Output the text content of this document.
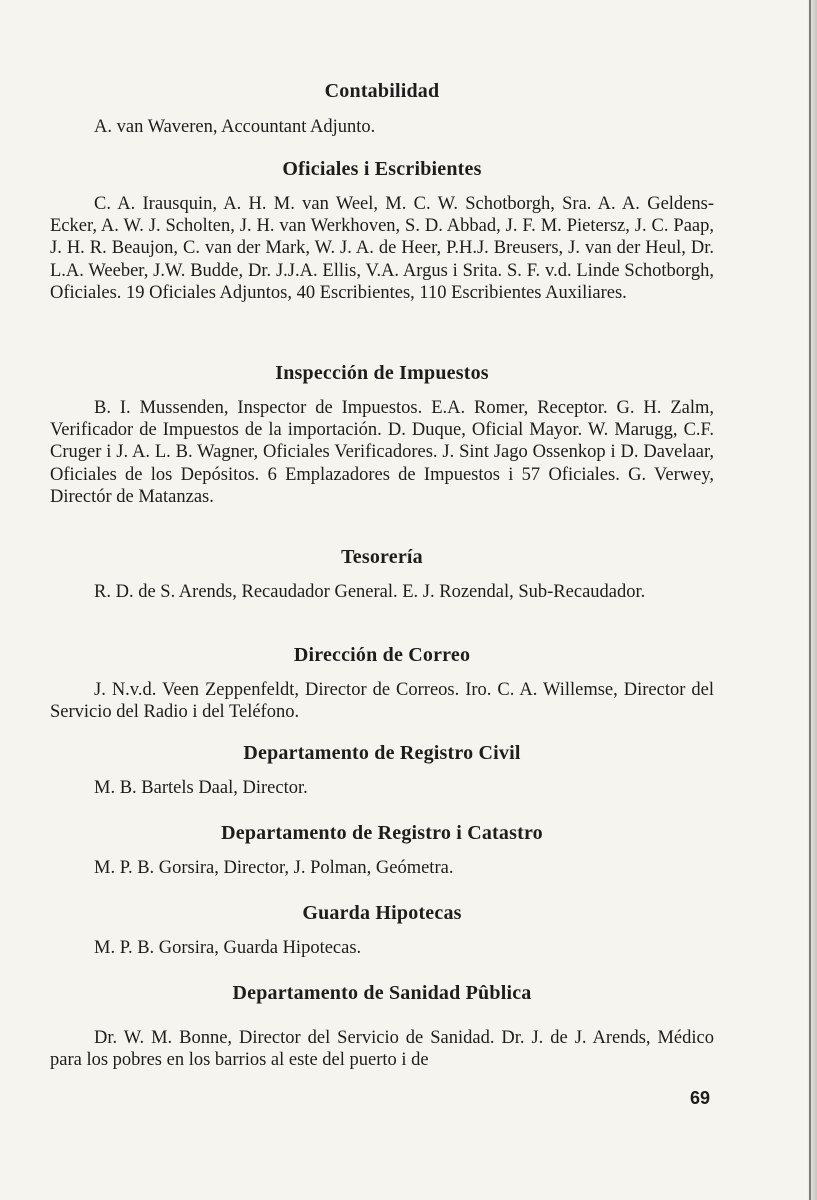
Contabilidad

A. van Waveren, Accountant Adjunto.

Oficiales i Escribientes

C. A. Irausquin, A. H. M. van Weel, M. C. W. Schotborgh, Sra. A. A. Geldens-Ecker, A. W. J. Scholten, J. H. van Werkhoven, S. D. Abbad, J. F. M. Pietersz, J. C. Paap, J. H. R. Beaujon, C. van der Mark, W. J. A. de Heer, P.H.J. Breusers, J. van der Heul, Dr. L.A. Weeber, J.W. Budde, Dr. J.J.A. Ellis, V.A. Argus i Srita. S. F. v.d. Linde Schotborgh, Oficiales. 19 Oficiales Adjuntos, 40 Escribientes, 110 Escribientes Auxiliares.

Inspección de Impuestos

B. I. Mussenden, Inspector de Impuestos. E.A. Romer, Receptor. G. H. Zalm, Verificador de Impuestos de la importación. D. Duque, Oficial Mayor. W. Marugg, C.F. Cruger i J. A. L. B. Wagner, Oficiales Verificadores. J. Sint Jago Ossenkop i D. Davelaar, Oficiales de los Depósitos. 6 Emplazadores de Impuestos i 57 Oficiales. G. Verwey, Directór de Matanzas.

Tesorería

R. D. de S. Arends, Recaudador General. E. J. Rozendal, Sub-Recaudador.

Dirección de Correo

J. N.v.d. Veen Zeppenfeldt, Director de Correos. Iro. C. A. Willemse, Director del Servicio del Radio i del Teléfono.

Departamento de Registro Civil

M. B. Bartels Daal, Director.

Departamento de Registro i Catastro

M. P. B. Gorsira, Director, J. Polman, Geómetra.

Guarda Hipotecas

M. P. B. Gorsira, Guarda Hipotecas.

Departamento de Sanidad Pûblica

Dr. W. M. Bonne, Director del Servicio de Sanidad. Dr. J. de J. Arends, Médico para los pobres en los barrios al este del puerto i de

69
